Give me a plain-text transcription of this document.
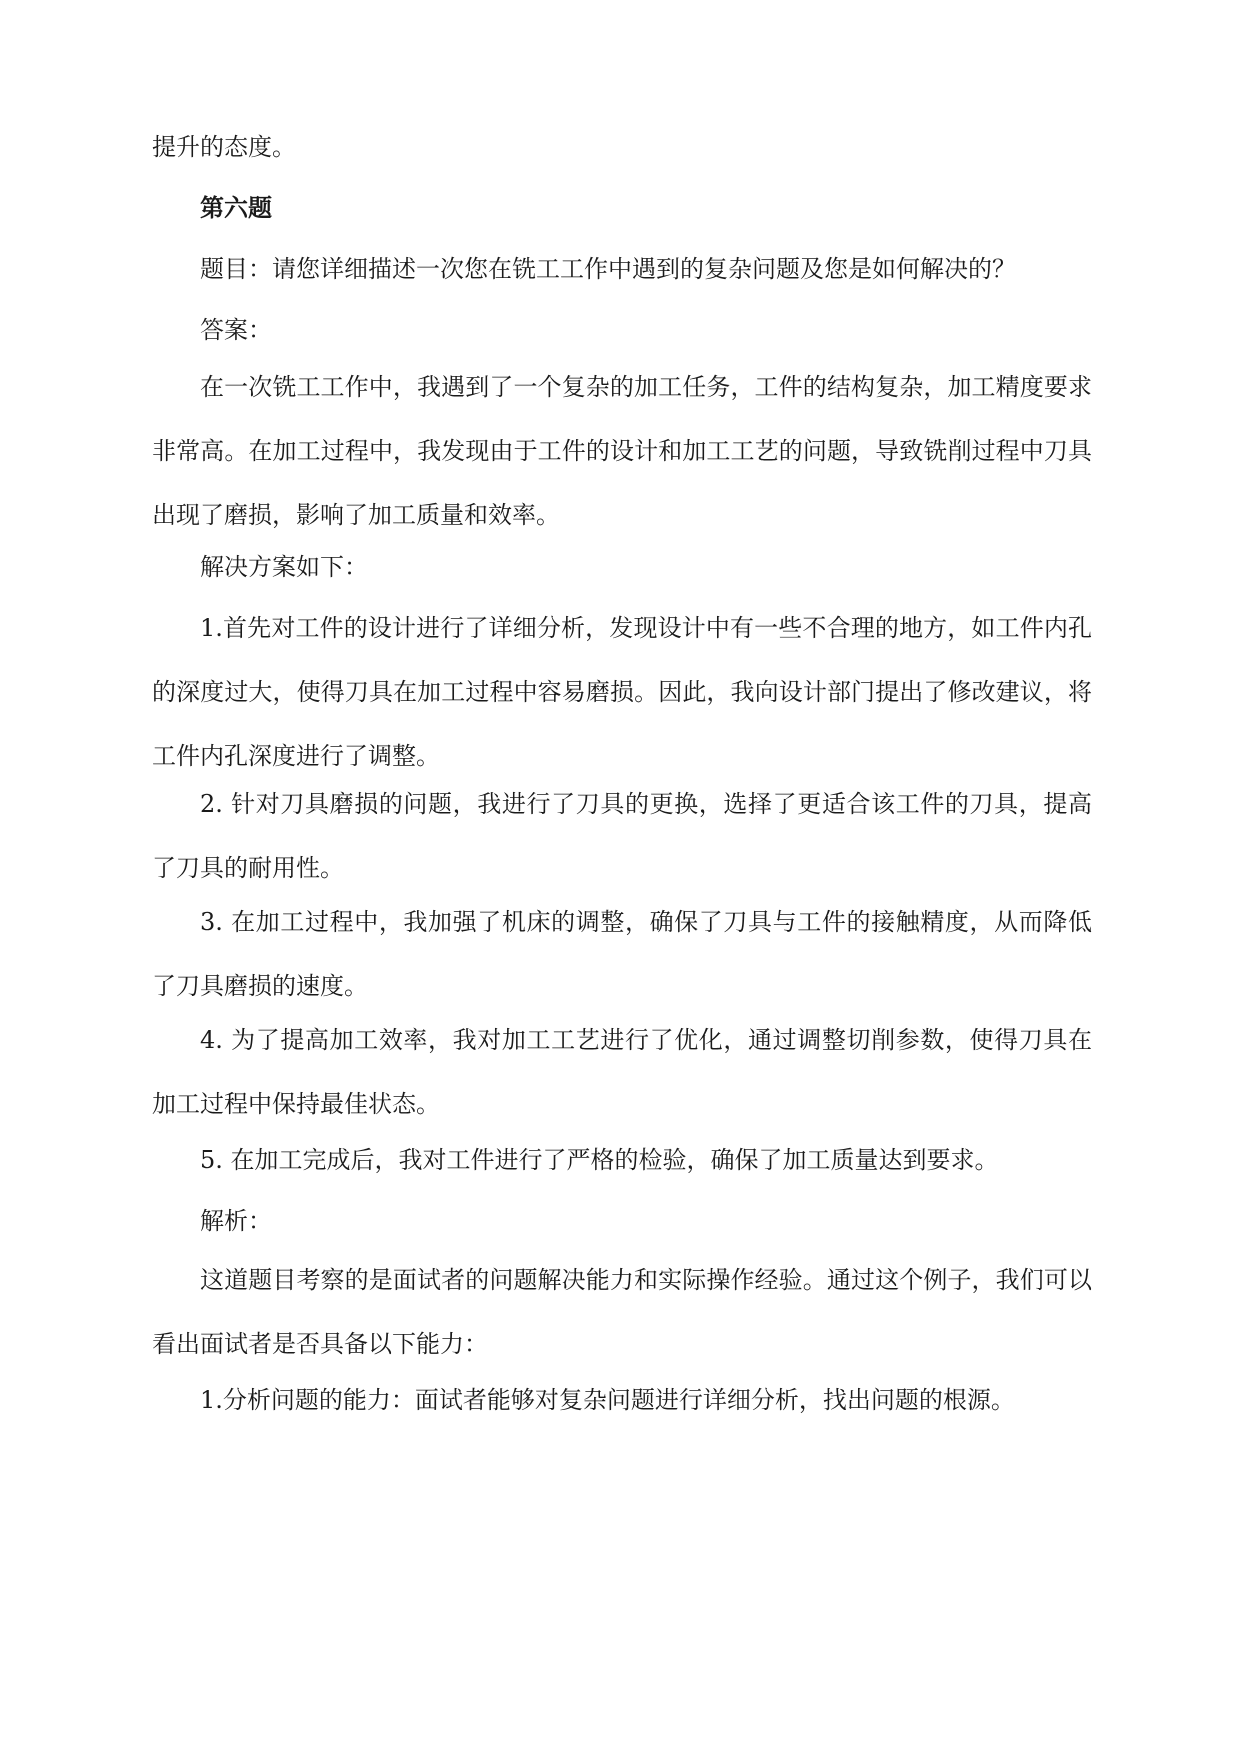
提升的态度。

第六题

题目：请您详细描述一次您在铣工工作中遇到的复杂问题及您是如何解决的？

答案：

在一次铣工工作中，我遇到了一个复杂的加工任务，工件的结构复杂，加工精度要求非常高。在加工过程中，我发现由于工件的设计和加工工艺的问题，导致铣削过程中刀具出现了磨损，影响了加工质量和效率。

解决方案如下：

1.首先对工件的设计进行了详细分析，发现设计中有一些不合理的地方，如工件内孔的深度过大，使得刀具在加工过程中容易磨损。因此，我向设计部门提出了修改建议，将工件内孔深度进行了调整。

2. 针对刀具磨损的问题，我进行了刀具的更换，选择了更适合该工件的刀具，提高了刀具的耐用性。

3. 在加工过程中，我加强了机床的调整，确保了刀具与工件的接触精度，从而降低了刀具磨损的速度。

4. 为了提高加工效率，我对加工工艺进行了优化，通过调整切削参数，使得刀具在加工过程中保持最佳状态。

5. 在加工完成后，我对工件进行了严格的检验，确保了加工质量达到要求。

解析：

这道题目考察的是面试者的问题解决能力和实际操作经验。通过这个例子，我们可以看出面试者是否具备以下能力：

1.分析问题的能力：面试者能够对复杂问题进行详细分析，找出问题的根源。
